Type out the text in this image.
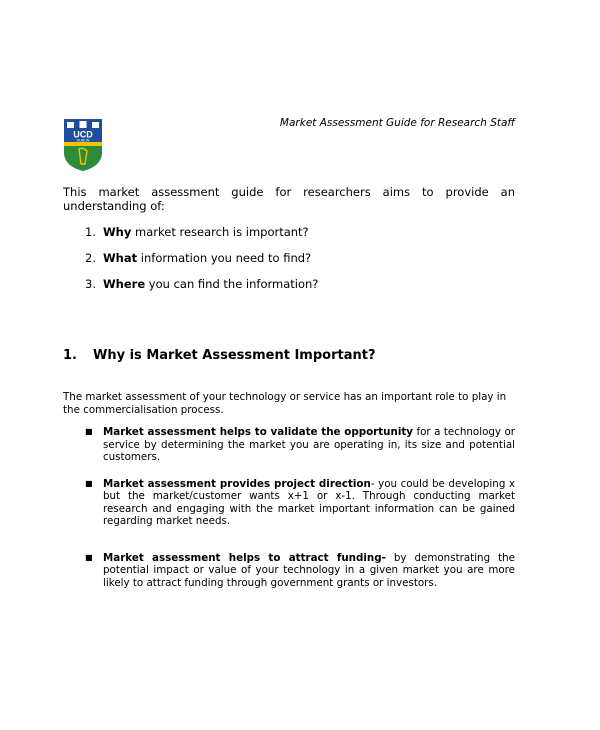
UCD
DUBLIN
Market Assessment Guide for Research Staff

This market assessment guide for researchers aims to provide an understanding of:

1. Why market research is important?
2. What information you need to find?
3. Where you can find the information?
1. Why is Market Assessment Important?

The market assessment of your technology or service has an important role to play in the commercialisation process.

■ Market assessment helps to validate the opportunity for a technology or service by determining the market you are operating in, its size and potential customers.
■ Market assessment provides project direction- you could be developing x but the market/customer wants x+1 or x-1. Through conducting market research and engaging with the market important information can be gained regarding market needs.
■ Market assessment helps to attract funding- by demonstrating the potential impact or value of your technology in a given market you are more likely to attract funding through government grants or investors.
